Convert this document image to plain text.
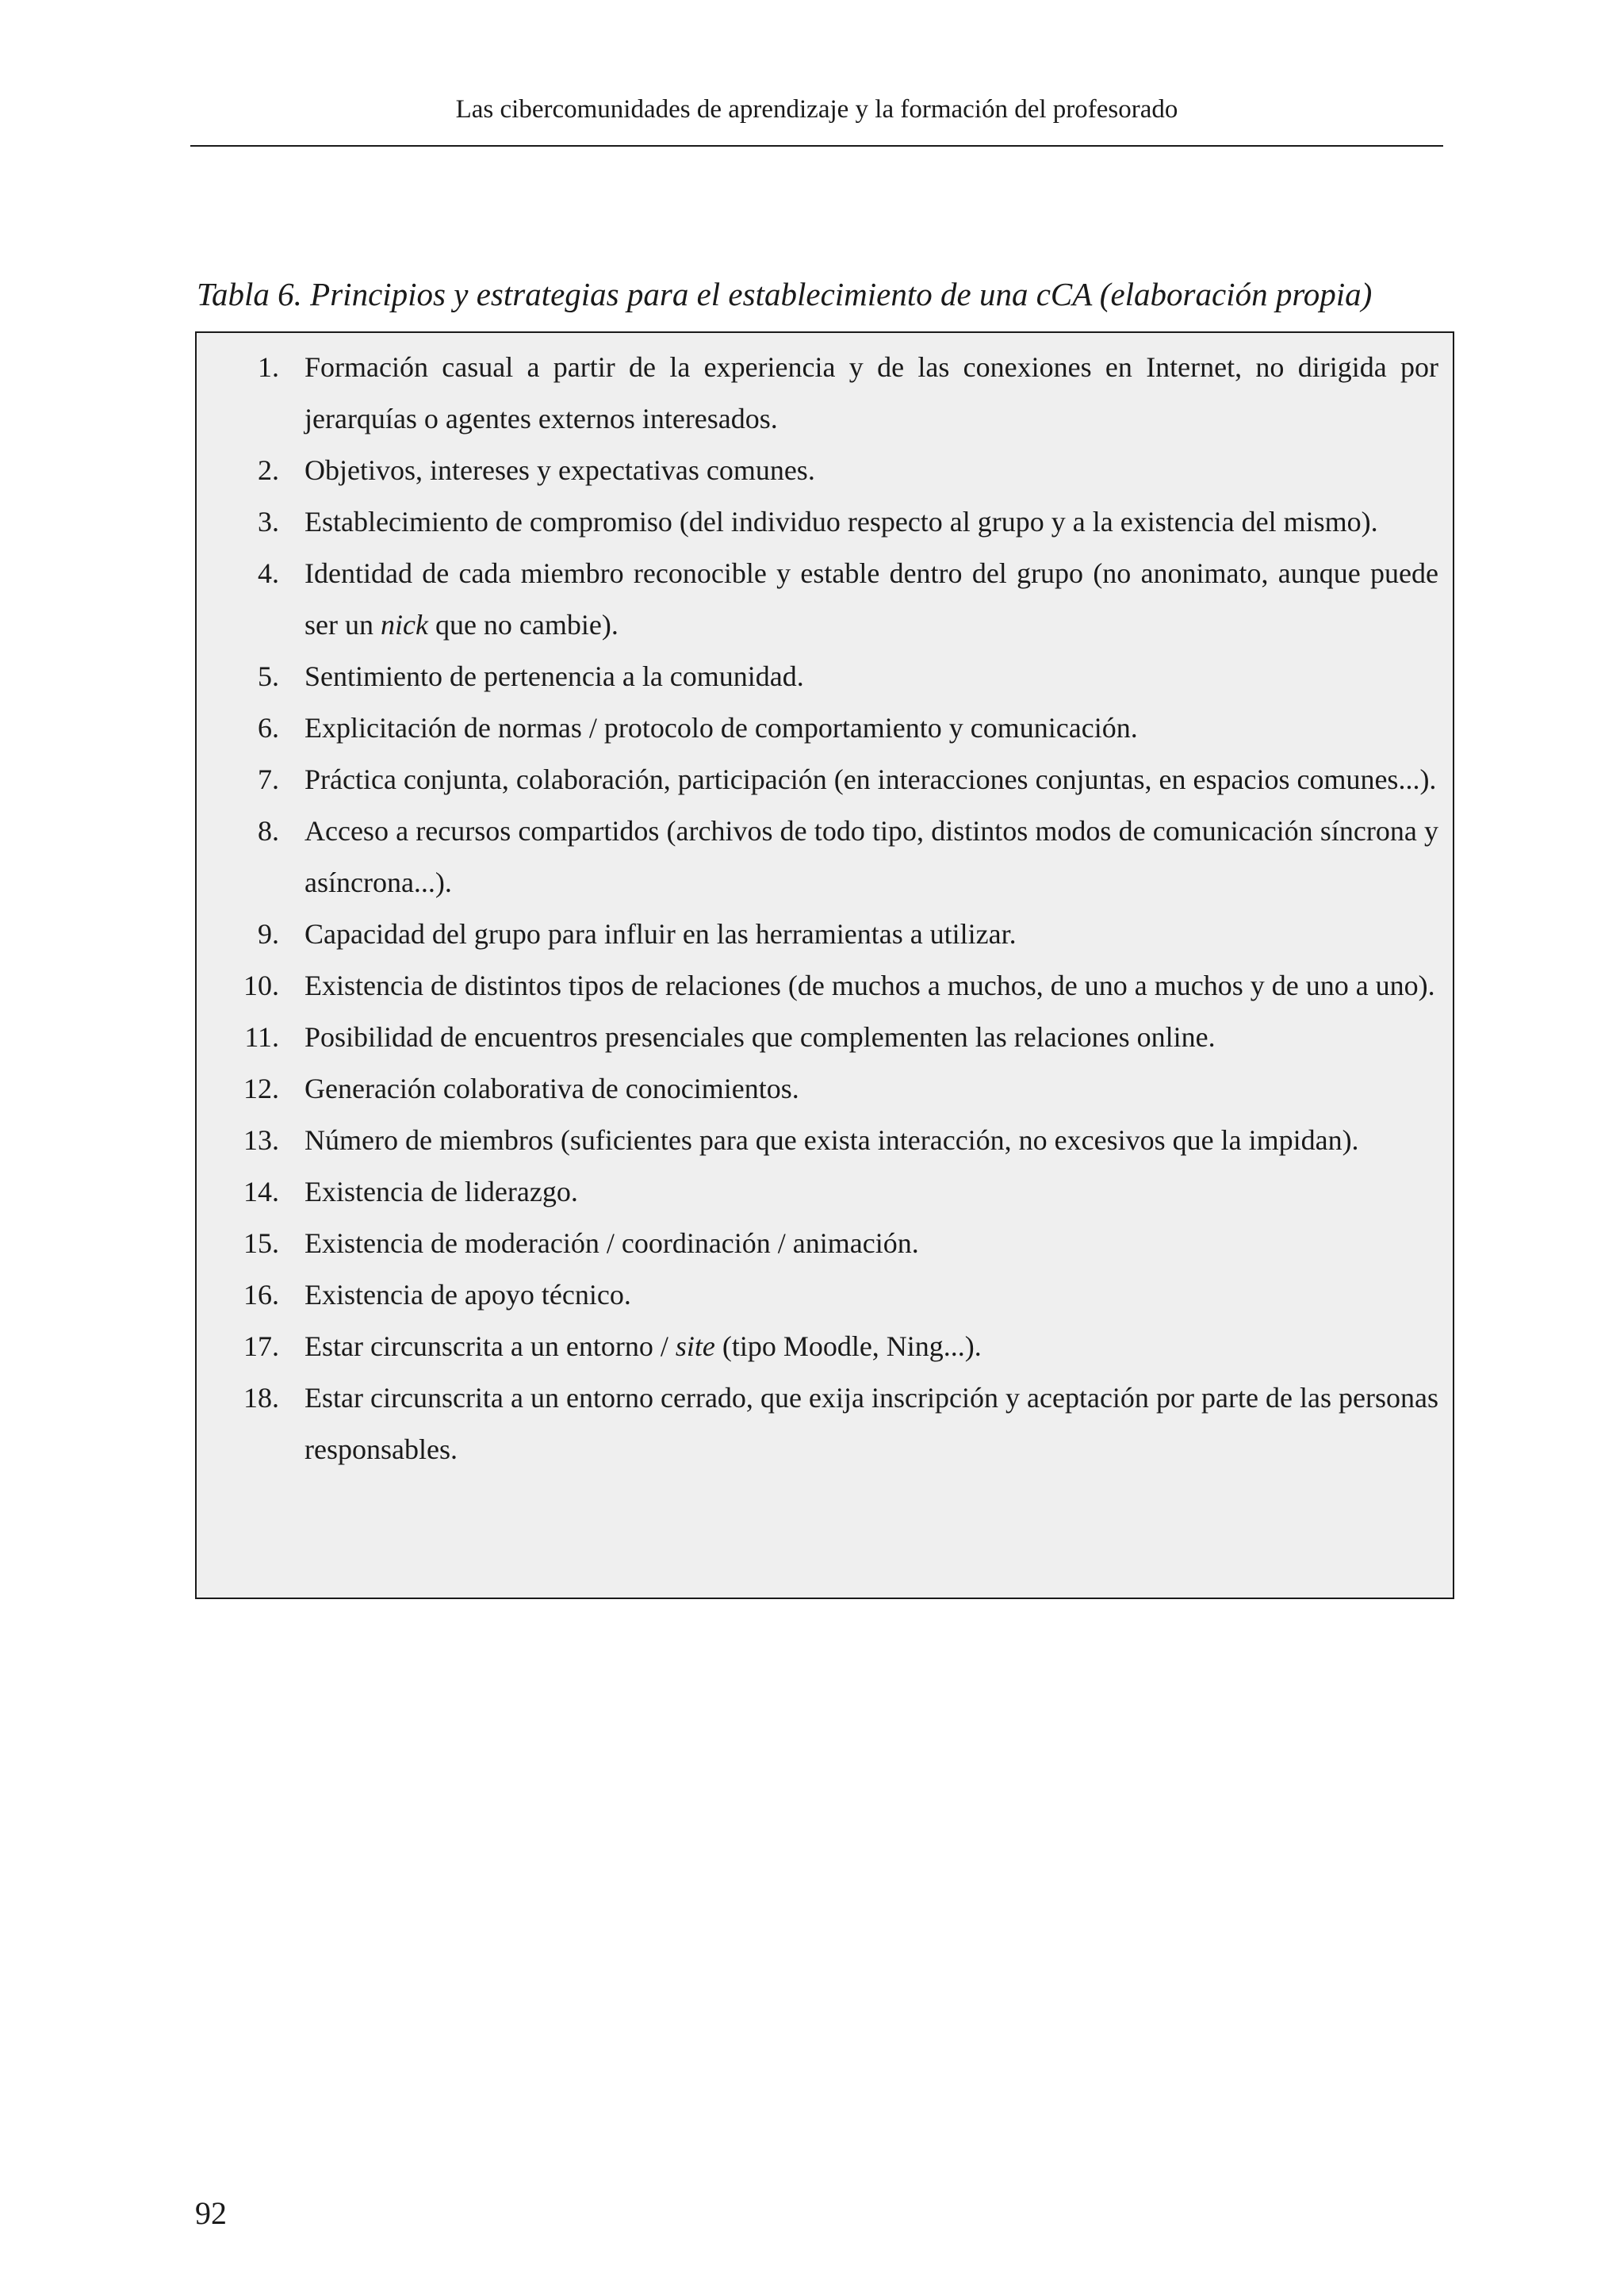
Las cibercomunidades de aprendizaje y la formación del profesorado
Tabla 6. Principios y estrategias para el establecimiento de una cCA (elaboración propia)
1. Formación casual a partir de la experiencia y de las conexiones en Internet, no dirigida por jerarquías o agentes externos interesados.
2. Objetivos, intereses y expectativas comunes.
3. Establecimiento de compromiso (del individuo respecto al grupo y a la existencia del mismo).
4. Identidad de cada miembro reconocible y estable dentro del grupo (no anonimato, aunque puede ser un nick que no cambie).
5. Sentimiento de pertenencia a la comunidad.
6. Explicitación de normas / protocolo de comportamiento y comunicación.
7. Práctica conjunta, colaboración, participación (en interacciones conjuntas, en espacios comunes...).
8. Acceso a recursos compartidos (archivos de todo tipo, distintos modos de comunicación síncrona y asíncrona...).
9. Capacidad del grupo para influir en las herramientas a utilizar.
10. Existencia de distintos tipos de relaciones (de muchos a muchos, de uno a muchos y de uno a uno).
11. Posibilidad de encuentros presenciales que complementen las relaciones online.
12. Generación colaborativa de conocimientos.
13. Número de miembros (suficientes para que exista interacción, no excesivos que la impidan).
14. Existencia de liderazgo.
15. Existencia de moderación / coordinación / animación.
16. Existencia de apoyo técnico.
17. Estar circunscrita a un entorno / site (tipo Moodle, Ning...).
18. Estar circunscrita a un entorno cerrado, que exija inscripción y aceptación por parte de las personas responsables.
92
